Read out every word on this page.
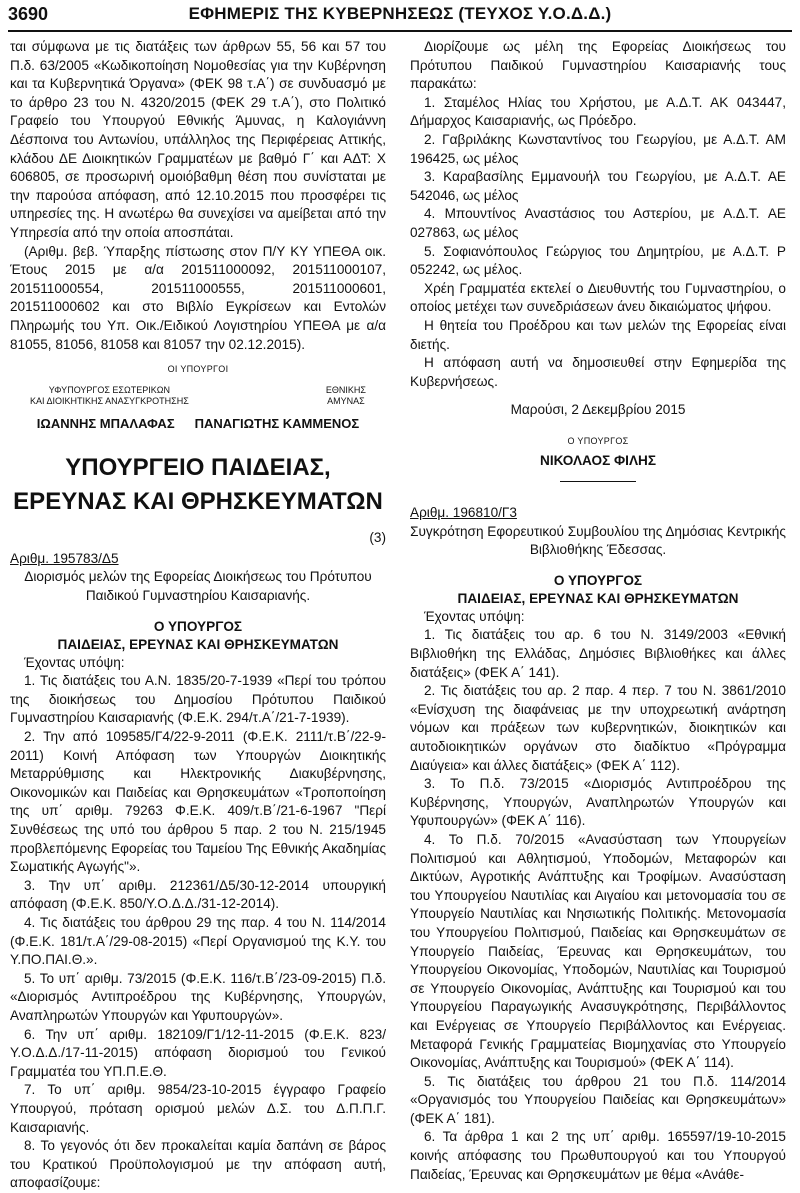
3690	ΕΦΗΜΕΡΙΣ ΤΗΣ ΚΥΒΕΡΝΗΣΕΩΣ (ΤΕΥΧΟΣ Υ.Ο.Δ.Δ.)

ται σύμφωνα με τις διατάξεις των άρθρων 55, 56 και 57 του Π.δ. 63/2005 «Κωδικοποίηση Νομοθεσίας για την Κυβέρνηση και τα Κυβερνητικά Όργανα» (ΦΕΚ 98 τ.Α΄) σε συνδυασμό με το άρθρο 23 του Ν. 4320/2015 (ΦΕΚ 29 τ.Α΄), στο Πολιτικό Γραφείο του Υπουργού Εθνικής Άμυνας, η Καλογιάννη Δέσποινα του Αντωνίου, υπάλληλος της Περιφέρειας Αττικής, κλάδου ΔΕ Διοικητικών Γραμματέων με βαθμό Γ΄ και ΑΔΤ: Χ 606805, σε προσωρινή ομοιόβαθμη θέση που συνίσταται με την παρούσα απόφαση, από 12.10.2015 που προσφέρει τις υπηρεσίες της. Η ανωτέρω θα συνεχίσει να αμείβεται από την Υπηρεσία από την οποία αποσπάται.

(Αριθμ. βεβ. Ύπαρξης πίστωσης στον Π/Υ ΚΥ ΥΠΕΘΑ οικ. Έτους 2015 με α/α 201511000092, 201511000107, 201511000554, 201511000555, 201511000601, 201511000602 και στο Βιβλίο Εγκρίσεων και Εντολών Πληρωμής του Υπ. Οικ./Ειδικού Λογιστηρίου ΥΠΕΘΑ με α/α 81055, 81056, 81058 και 81057 την 02.12.2015).

ΟΙ ΥΠΟΥΡΓΟΙ
ΥΦΥΠΟΥΡΓΟΣ ΕΣΩΤΕΡΙΚΩΝ
ΚΑΙ ΔΙΟΙΚΗΤΙΚΗΣ ΑΝΑΣΥΓΚΡΟΤΗΣΗΣ
ΕΘΝΙΚΗΣ
ΑΜΥΝΑΣ
ΙΩΑΝΝΗΣ ΜΠΑΛΑΦΑΣ ΠΑΝΑΓΙΩΤΗΣ ΚΑΜΜΕΝΟΣ
ΥΠΟΥΡΓΕΙΟ ΠΑΙΔΕΙΑΣ,
ΕΡΕΥΝΑΣ ΚΑΙ ΘΡΗΣΚΕΥΜΑΤΩΝ
(3)
Αριθμ. 195783/Δ5

Διορισμός μελών της Εφορείας Διοικήσεως του Πρότυπου Παιδικού Γυμναστηρίου Καισαριανής.

Ο ΥΠΟΥΡΓΟΣ
ΠΑΙΔΕΙΑΣ, ΕΡΕΥΝΑΣ ΚΑΙ ΘΡΗΣΚΕΥΜΑΤΩΝ

Έχοντας υπόψη:

1. Τις διατάξεις του Α.Ν. 1835/20-7-1939 «Περί του τρόπου της διοικήσεως του Δημοσίου Πρότυπου Παιδικού Γυμναστηρίου Καισαριανής (Φ.Ε.Κ. 294/τ.Α΄/21-7-1939).

2. Την από 109585/Γ4/22-9-2011 (Φ.Ε.Κ. 2111/τ.Β΄/22-9-2011) Κοινή Απόφαση των Υπουργών Διοικητικής Μεταρρύθμισης και Ηλεκτρονικής Διακυβέρνησης, Οικονομικών και Παιδείας και Θρησκευμάτων «Τροποποίηση της υπ΄ αριθμ. 79263 Φ.Ε.Κ. 409/τ.Β΄/21-6-1967 "Περί Συνθέσεως της υπό του άρθρου 5 παρ. 2 του Ν. 215/1945 προβλεπόμενης Εφορείας του Ταμείου Της Εθνικής Ακαδημίας Σωματικής Αγωγής"».

3. Την υπ΄ αριθμ. 212361/Δ5/30-12-2014 υπουργική απόφαση (Φ.Ε.Κ. 850/Υ.Ο.Δ.Δ./31-12-2014).

4. Τις διατάξεις του άρθρου 29 της παρ. 4 του Ν. 114/2014 (Φ.Ε.Κ. 181/τ.Α΄/29-08-2015) «Περί Οργανισμού της Κ.Υ. του Υ.ΠΟ.ΠΑΙ.Θ.».

5. Το υπ΄ αριθμ. 73/2015 (Φ.Ε.Κ. 116/τ.Β΄/23-09-2015) Π.δ. «Διορισμός Αντιπροέδρου της Κυβέρνησης, Υπουργών, Αναπληρωτών Υπουργών και Υφυπουργών».

6. Την υπ΄ αριθμ. 182109/Γ1/12-11-2015 (Φ.Ε.Κ. 823/Υ.Ο.Δ.Δ./17-11-2015) απόφαση διορισμού του Γενικού Γραμματέα του ΥΠ.Π.Ε.Θ.

7. Το υπ΄ αριθμ. 9854/23-10-2015 έγγραφο Γραφείο Υπουργού, πρόταση ορισμού μελών Δ.Σ. του Δ.Π.Π.Γ. Καισαριανής.

8. Το γεγονός ότι δεν προκαλείται καμία δαπάνη σε βάρος του Κρατικού Προϋπολογισμού με την απόφαση αυτή, αποφασίζουμε:

Διορίζουμε ως μέλη της Εφορείας Διοικήσεως του Πρότυπου Παιδικού Γυμναστηρίου Καισαριανής τους παρακάτω:

1. Σταμέλος Ηλίας του Χρήστου, με Α.Δ.Τ. ΑΚ 043447, Δήμαρχος Καισαριανής, ως Πρόεδρο.

2. Γαβριλάκης Κωνσταντίνος του Γεωργίου, με Α.Δ.Τ. ΑΜ 196425, ως μέλος

3. Καραβασίλης Εμμανουήλ του Γεωργίου, με Α.Δ.Τ. ΑΕ 542046, ως μέλος

4. Μπουντίνος Αναστάσιος του Αστερίου, με Α.Δ.Τ. ΑΕ 027863, ως μέλος

5. Σοφιανόπουλος Γεώργιος του Δημητρίου, με Α.Δ.Τ. Ρ 052242, ως μέλος.

Χρέη Γραμματέα εκτελεί ο Διευθυντής του Γυμναστηρίου, ο οποίος μετέχει των συνεδριάσεων άνευ δικαιώματος ψήφου.

Η θητεία του Προέδρου και των μελών της Εφορείας είναι διετής.

Η απόφαση αυτή να δημοσιευθεί στην Εφημερίδα της Κυβερνήσεως.

Μαρούσι, 2 Δεκεμβρίου 2015
Ο ΥΠΟΥΡΓΟΣ
ΝΙΚΟΛΑΟΣ ΦΙΛΗΣ
Αριθμ. 196810/Γ3

Συγκρότηση Εφορευτικού Συμβουλίου της Δημόσιας Κεντρικής Βιβλιοθήκης Έδεσσας.

Ο ΥΠΟΥΡΓΟΣ
ΠΑΙΔΕΙΑΣ, ΕΡΕΥΝΑΣ ΚΑΙ ΘΡΗΣΚΕΥΜΑΤΩΝ

Έχοντας υπόψη:

1. Τις διατάξεις του αρ. 6 του Ν. 3149/2003 «Εθνική Βιβλιοθήκη της Ελλάδας, Δημόσιες Βιβλιοθήκες και άλλες διατάξεις» (ΦΕΚ Α΄ 141).

2. Τις διατάξεις του αρ. 2 παρ. 4 περ. 7 του Ν. 3861/2010 «Ενίσχυση της διαφάνειας με την υποχρεωτική ανάρτηση νόμων και πράξεων των κυβερνητικών, διοικητικών και αυτοδιοικητικών οργάνων στο διαδίκτυο «Πρόγραμμα Διαύγεια» και άλλες διατάξεις» (ΦΕΚ Α΄ 112).

3. Το Π.δ. 73/2015 «Διορισμός Αντιπροέδρου της Κυβέρνησης, Υπουργών, Αναπληρωτών Υπουργών και Υφυπουργών» (ΦΕΚ Α΄ 116).

4. Το Π.δ. 70/2015 «Ανασύσταση των Υπουργείων Πολιτισμού και Αθλητισμού, Υποδομών, Μεταφορών και Δικτύων, Αγροτικής Ανάπτυξης και Τροφίμων. Ανασύσταση του Υπουργείου Ναυτιλίας και Αιγαίου και μετονομασία του σε Υπουργείο Ναυτιλίας και Νησιωτικής Πολιτικής. Μετονομασία του Υπουργείου Πολιτισμού, Παιδείας και Θρησκευμάτων σε Υπουργείο Παιδείας, Έρευνας και Θρησκευμάτων, του Υπουργείου Οικονομίας, Υποδομών, Ναυτιλίας και Τουρισμού σε Υπουργείο Οικονομίας, Ανάπτυξης και Τουρισμού και του Υπουργείου Παραγωγικής Ανασυγκρότησης, Περιβάλλοντος και Ενέργειας σε Υπουργείο Περιβάλλοντος και Ενέργειας. Μεταφορά Γενικής Γραμματείας Βιομηχανίας στο Υπουργείο Οικονομίας, Ανάπτυξης και Τουρισμού» (ΦΕΚ Α΄ 114).

5. Τις διατάξεις του άρθρου 21 του Π.δ. 114/2014 «Οργανισμός του Υπουργείου Παιδείας και Θρησκευμάτων» (ΦΕΚ Α΄ 181).

6. Τα άρθρα 1 και 2 της υπ΄ αριθμ. 165597/19-10-2015 κοινής απόφασης του Πρωθυπουργού και του Υπουργού Παιδείας, Έρευνας και Θρησκευμάτων με θέμα «Ανάθε-
